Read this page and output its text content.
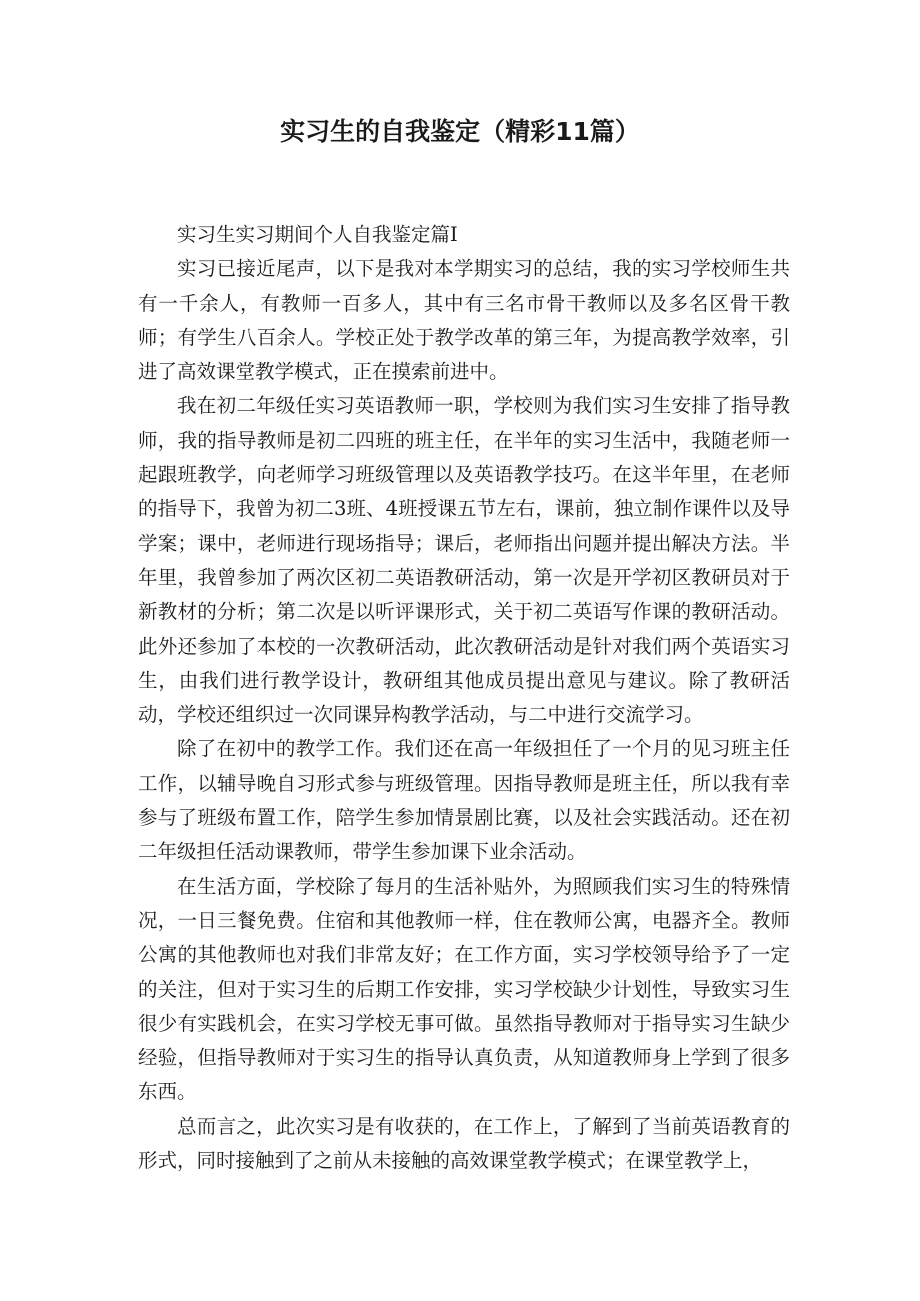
实习生的自我鉴定（精彩11篇）
实习生实习期间个人自我鉴定篇I

实习已接近尾声，以下是我对本学期实习的总结，我的实习学校师生共有一千余人，有教师一百多人，其中有三名市骨干教师以及多名区骨干教师；有学生八百余人。学校正处于教学改革的第三年，为提高教学效率，引进了高效课堂教学模式，正在摸索前进中。

我在初二年级任实习英语教师一职，学校则为我们实习生安排了指导教师，我的指导教师是初二四班的班主任，在半年的实习生活中，我随老师一起跟班教学，向老师学习班级管理以及英语教学技巧。在这半年里，在老师的指导下，我曾为初二3班、4班授课五节左右，课前，独立制作课件以及导学案；课中，老师进行现场指导；课后，老师指出问题并提出解决方法。半年里，我曾参加了两次区初二英语教研活动，第一次是开学初区教研员对于新教材的分析；第二次是以听评课形式，关于初二英语写作课的教研活动。此外还参加了本校的一次教研活动，此次教研活动是针对我们两个英语实习生，由我们进行教学设计，教研组其他成员提出意见与建议。除了教研活动，学校还组织过一次同课异构教学活动，与二中进行交流学习。

除了在初中的教学工作。我们还在高一年级担任了一个月的见习班主任工作，以辅导晚自习形式参与班级管理。因指导教师是班主任，所以我有幸参与了班级布置工作，陪学生参加情景剧比赛，以及社会实践活动。还在初二年级担任活动课教师，带学生参加课下业余活动。

在生活方面，学校除了每月的生活补贴外，为照顾我们实习生的特殊情况，一日三餐免费。住宿和其他教师一样，住在教师公寓，电器齐全。教师公寓的其他教师也对我们非常友好；在工作方面，实习学校领导给予了一定的关注，但对于实习生的后期工作安排，实习学校缺少计划性，导致实习生很少有实践机会，在实习学校无事可做。虽然指导教师对于指导实习生缺少经验，但指导教师对于实习生的指导认真负责，从知道教师身上学到了很多东西。

总而言之，此次实习是有收获的，在工作上，了解到了当前英语教育的形式，同时接触到了之前从未接触的高效课堂教学模式；在课堂教学上，
